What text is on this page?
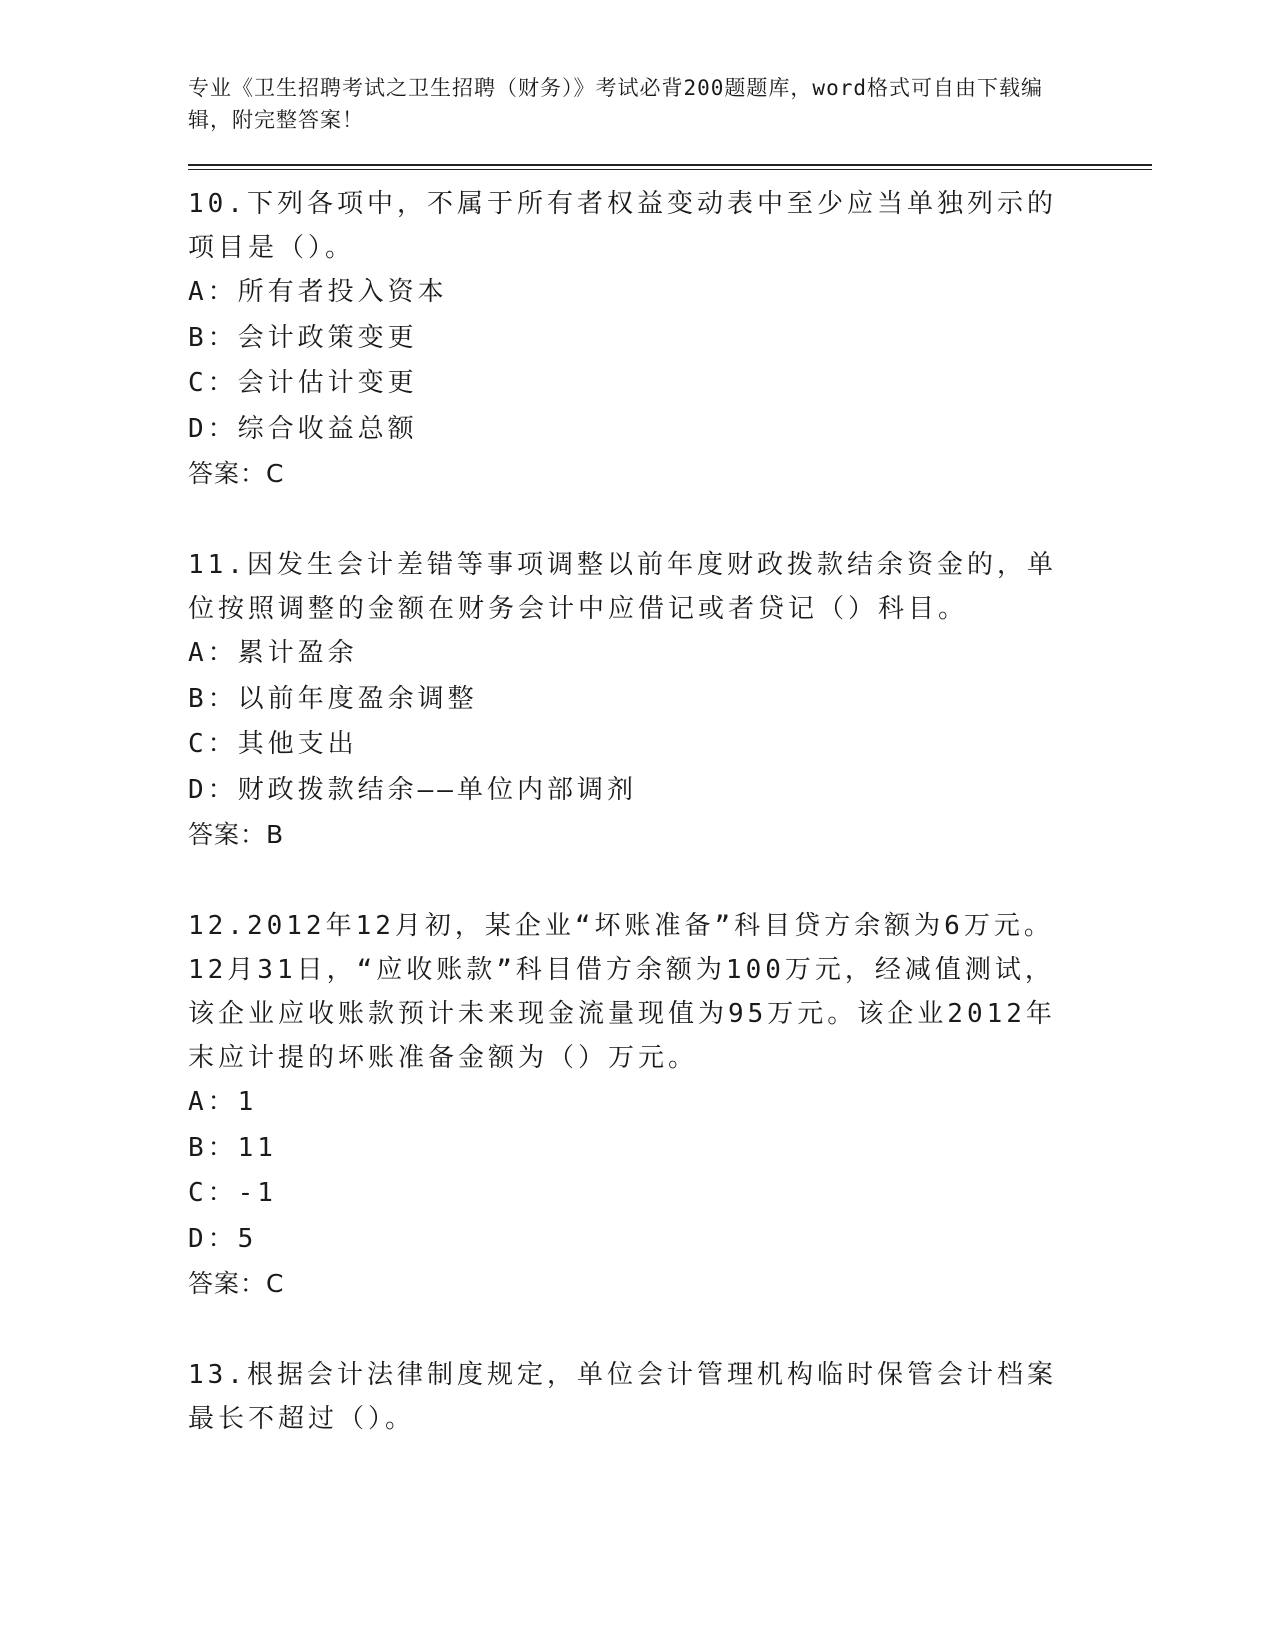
专业《卫生招聘考试之卫生招聘（财务）》考试必背200题题库，word格式可自由下载编辑，附完整答案！

10.下列各项中，不属于所有者权益变动表中至少应当单独列示的项目是（）。

A：所有者投入资本

B：会计政策变更

C：会计估计变更

D：综合收益总额

答案：C

11.因发生会计差错等事项调整以前年度财政拨款结余资金的，单位按照调整的金额在财务会计中应借记或者贷记（）科目。

A：累计盈余

B：以前年度盈余调整

C：其他支出

D：财政拨款结余——单位内部调剂

答案：B

12.2012年12月初，某企业“坏账准备”科目贷方余额为6万元。12月31日，“应收账款”科目借方余额为100万元，经减值测试，该企业应收账款预计未来现金流量现值为95万元。该企业2012年末应计提的坏账准备金额为（）万元。

A：1

B：11

C：-1

D：5

答案：C

13.根据会计法律制度规定，单位会计管理机构临时保管会计档案最长不超过（）。
